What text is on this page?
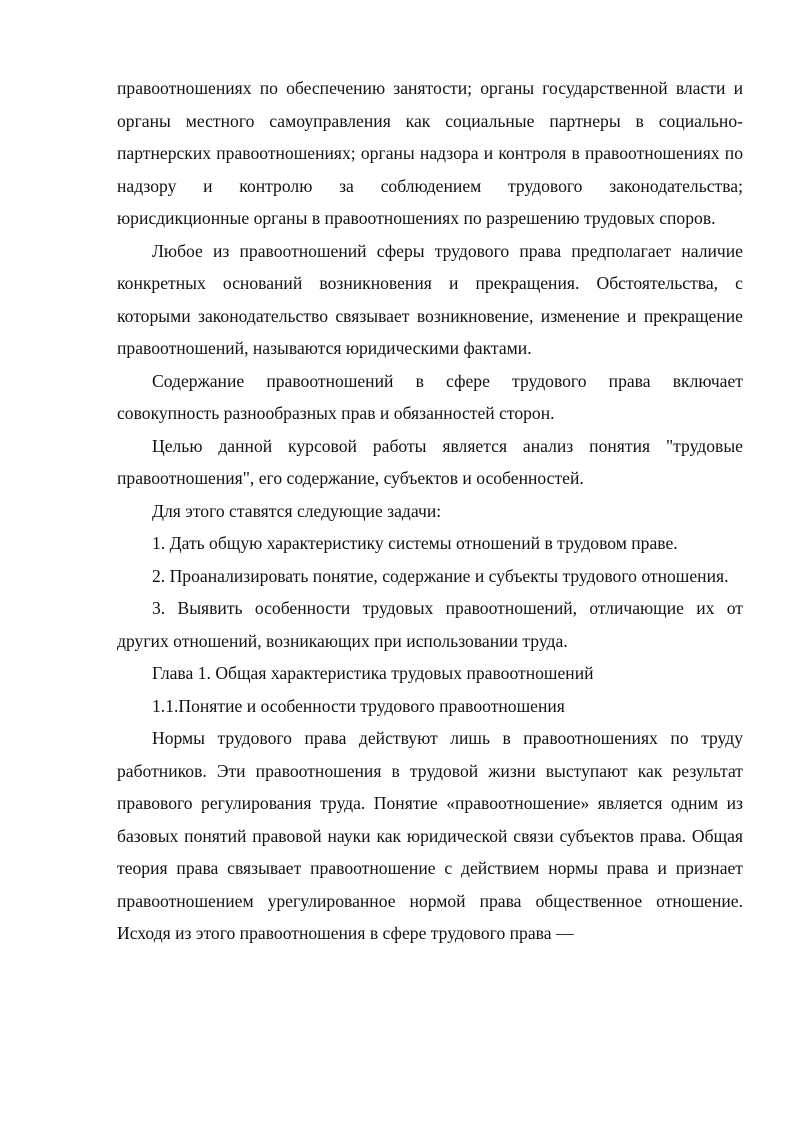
правоотношениях по обеспечению занятости; органы государственной власти и органы местного самоуправления как социальные партнеры в социально-партнерских правоотношениях; органы надзора и контроля в правоотношениях по надзору и контролю за соблюдением трудового законодательства; юрисдикционные органы в правоотношениях по разрешению трудовых споров.

Любое из правоотношений сферы трудового права предполагает наличие конкретных оснований возникновения и прекращения. Обстоятельства, с которыми законодательство связывает возникновение, изменение и прекращение правоотношений, называются юридическими фактами.

Содержание правоотношений в сфере трудового права включает совокупность разнообразных прав и обязанностей сторон.

Целью данной курсовой работы является анализ понятия "трудовые правоотношения", его содержание, субъектов и особенностей.

Для этого ставятся следующие задачи:

1. Дать общую характеристику системы отношений в трудовом праве.

2. Проанализировать понятие, содержание и субъекты трудового отношения.

3. Выявить особенности трудовых правоотношений, отличающие их от других отношений, возникающих при использовании труда.

Глава 1. Общая характеристика трудовых правоотношений

1.1.Понятие и особенности трудового правоотношения

Нормы трудового права действуют лишь в правоотношениях по труду работников. Эти правоотношения в трудовой жизни выступают как результат правового регулирования труда. Понятие «правоотношение» является одним из базовых понятий правовой науки как юридической связи субъектов права. Общая теория права связывает правоотношение с действием нормы права и признает правоотношением урегулированное нормой права общественное отношение. Исходя из этого правоотношения в сфере трудового права —
